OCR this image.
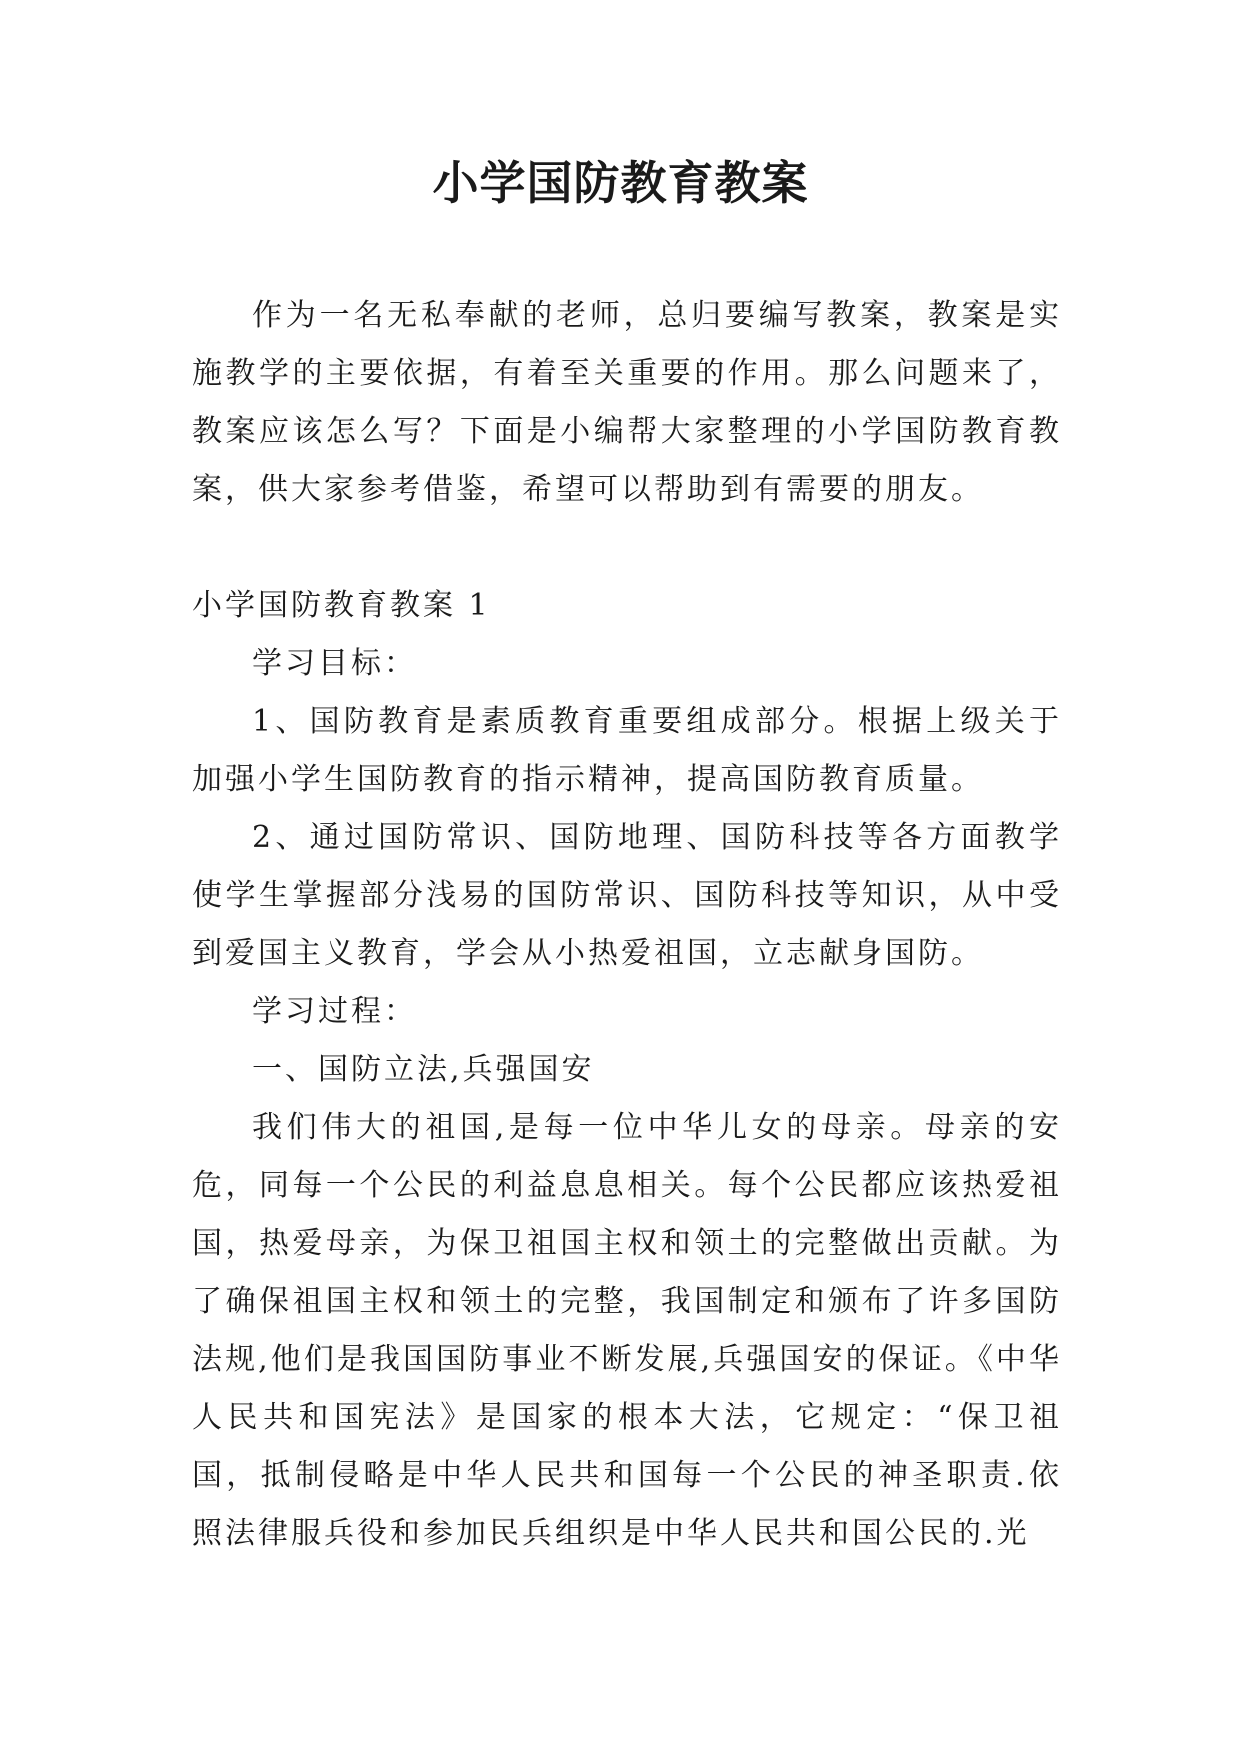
小学国防教育教案

作为一名无私奉献的老师，总归要编写教案，教案是实施教学的主要依据，有着至关重要的作用。那么问题来了，教案应该怎么写？下面是小编帮大家整理的小学国防教育教案，供大家参考借鉴，希望可以帮助到有需要的朋友。

小学国防教育教案 1

学习目标：

1、国防教育是素质教育重要组成部分。根据上级关于加强小学生国防教育的指示精神，提高国防教育质量。

2、通过国防常识、国防地理、国防科技等各方面教学使学生掌握部分浅易的国防常识、国防科技等知识，从中受到爱国主义教育，学会从小热爱祖国，立志献身国防。

学习过程：

一、国防立法,兵强国安

我们伟大的祖国,是每一位中华儿女的母亲。母亲的安危，同每一个公民的利益息息相关。每个公民都应该热爱祖国，热爱母亲，为保卫祖国主权和领土的完整做出贡献。为了确保祖国主权和领土的完整，我国制定和颁布了许多国防法规,他们是我国国防事业不断发展,兵强国安的保证。《中华人民共和国宪法》是国家的根本大法，它规定：“保卫祖国，抵制侵略是中华人民共和国每一个公民的神圣职责.依照法律服兵役和参加民兵组织是中华人民共和国公民的.光
